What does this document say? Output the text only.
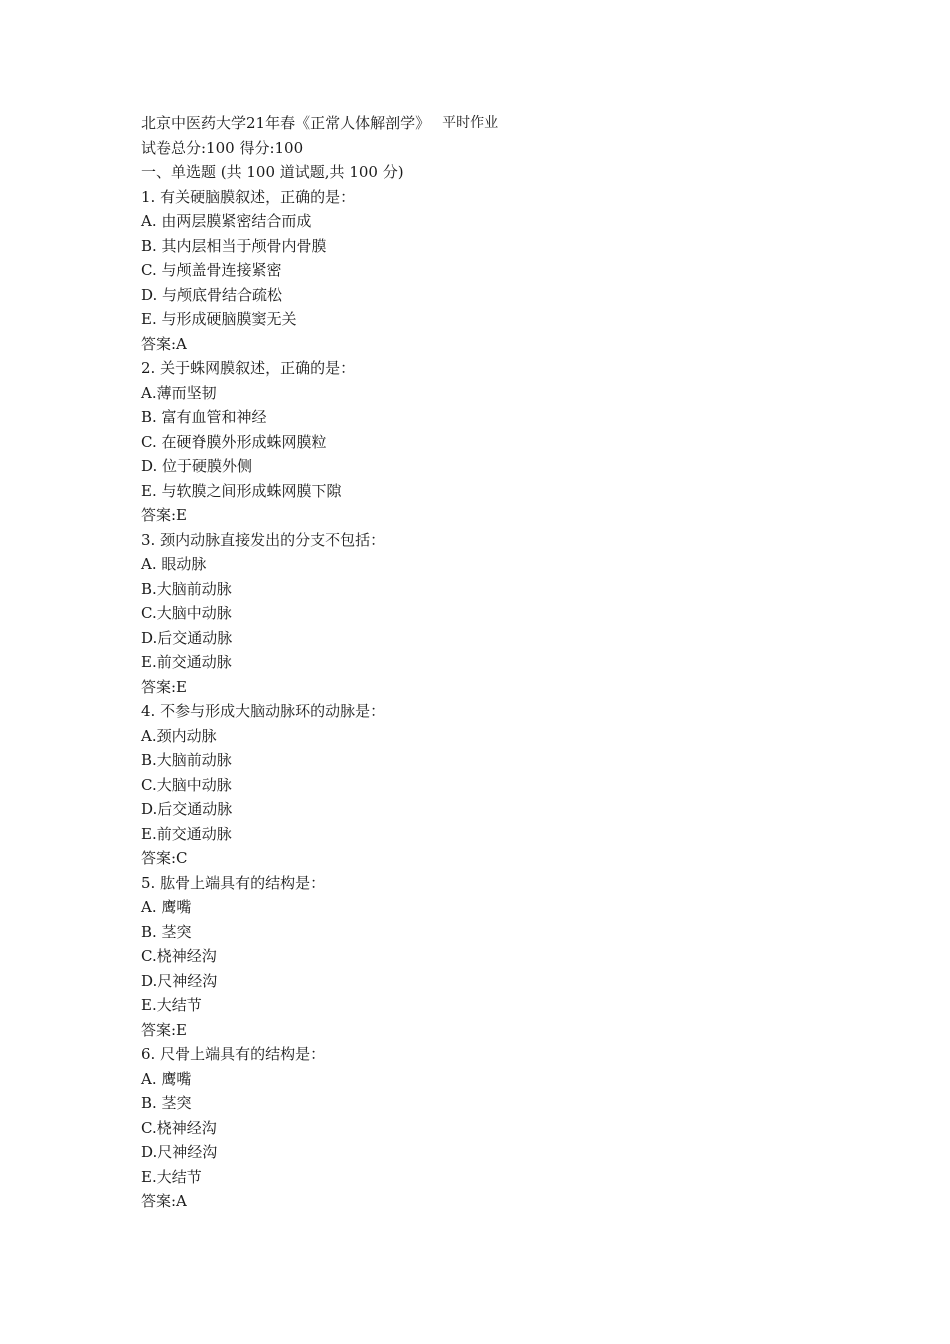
北京中医药大学21年春《正常人体解剖学》 平时作业
试卷总分:100 得分:100
一、单选题 (共 100 道试题,共 100 分)
1. 有关硬脑膜叙述，正确的是：
A. 由两层膜紧密结合而成
B. 其内层相当于颅骨内骨膜
C. 与颅盖骨连接紧密
D. 与颅底骨结合疏松
E. 与形成硬脑膜窦无关
答案:A
2. 关于蛛网膜叙述，正确的是：
A.薄而坚韧
B. 富有血管和神经
C. 在硬脊膜外形成蛛网膜粒
D. 位于硬膜外侧
E. 与软膜之间形成蛛网膜下隙
答案:E
3. 颈内动脉直接发出的分支不包括：
A. 眼动脉
B.大脑前动脉
C.大脑中动脉
D.后交通动脉
E.前交通动脉
答案:E
4. 不参与形成大脑动脉环的动脉是：
A.颈内动脉
B.大脑前动脉
C.大脑中动脉
D.后交通动脉
E.前交通动脉
答案:C
5. 肱骨上端具有的结构是：
A. 鹰嘴
B. 茎突
C.桡神经沟
D.尺神经沟
E.大结节
答案:E
6. 尺骨上端具有的结构是：
A. 鹰嘴
B. 茎突
C.桡神经沟
D.尺神经沟
E.大结节
答案:A
